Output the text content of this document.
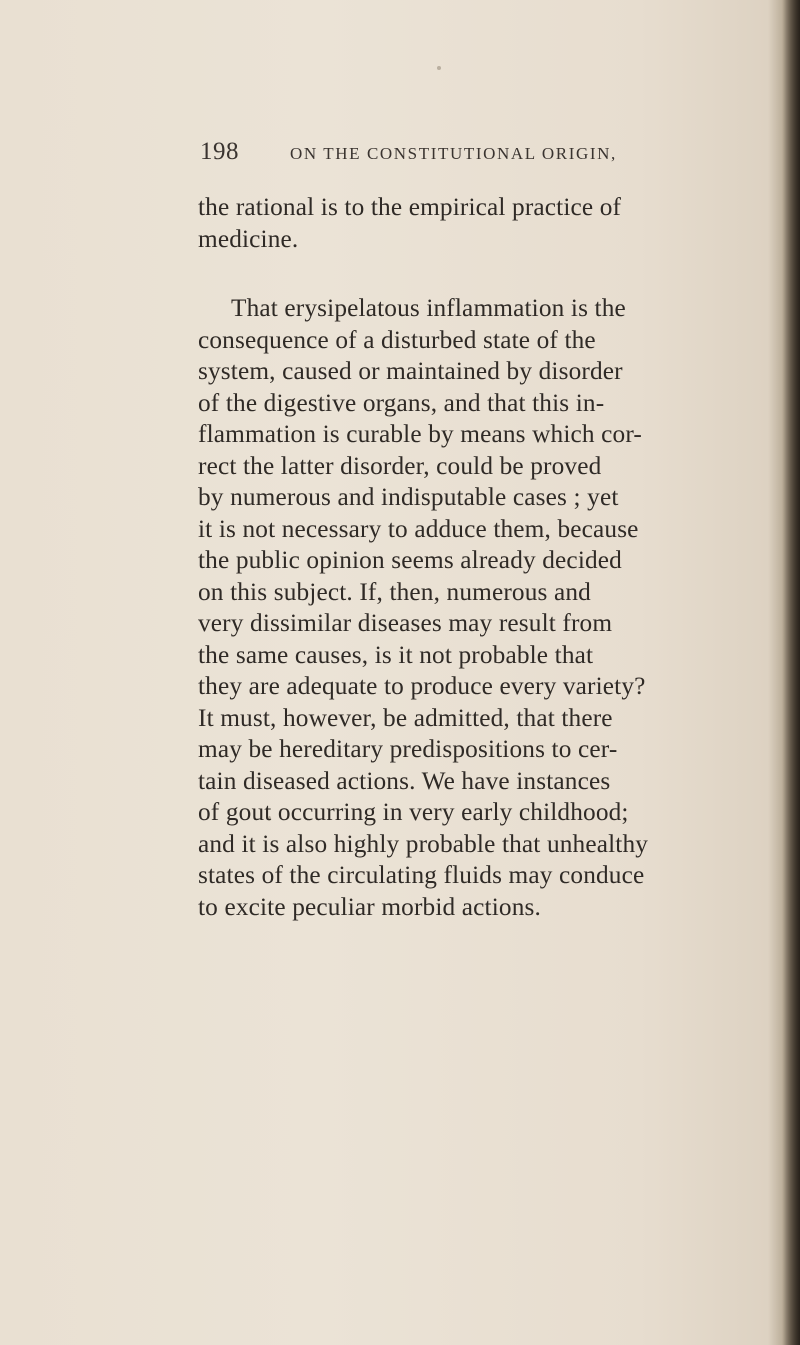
198	ON THE CONSTITUTIONAL ORIGIN,
the rational is to the empirical practice of
medicine.
That erysipelatous inflammation is the
consequence of a disturbed state of the
system, caused or maintained by disorder
of the digestive organs, and that this in-
flammation is curable by means which cor-
rect the latter disorder, could be proved
by numerous and indisputable cases ; yet
it is not necessary to adduce them, because
the public opinion seems already decided
on this subject. If, then, numerous and
very dissimilar diseases may result from
the same causes, is it not probable that
they are adequate to produce every variety?
It must, however, be admitted, that there
may be hereditary predispositions to cer-
tain diseased actions. We have instances
of gout occurring in very early childhood;
and it is also highly probable that unhealthy
states of the circulating fluids may conduce
to excite peculiar morbid actions.
